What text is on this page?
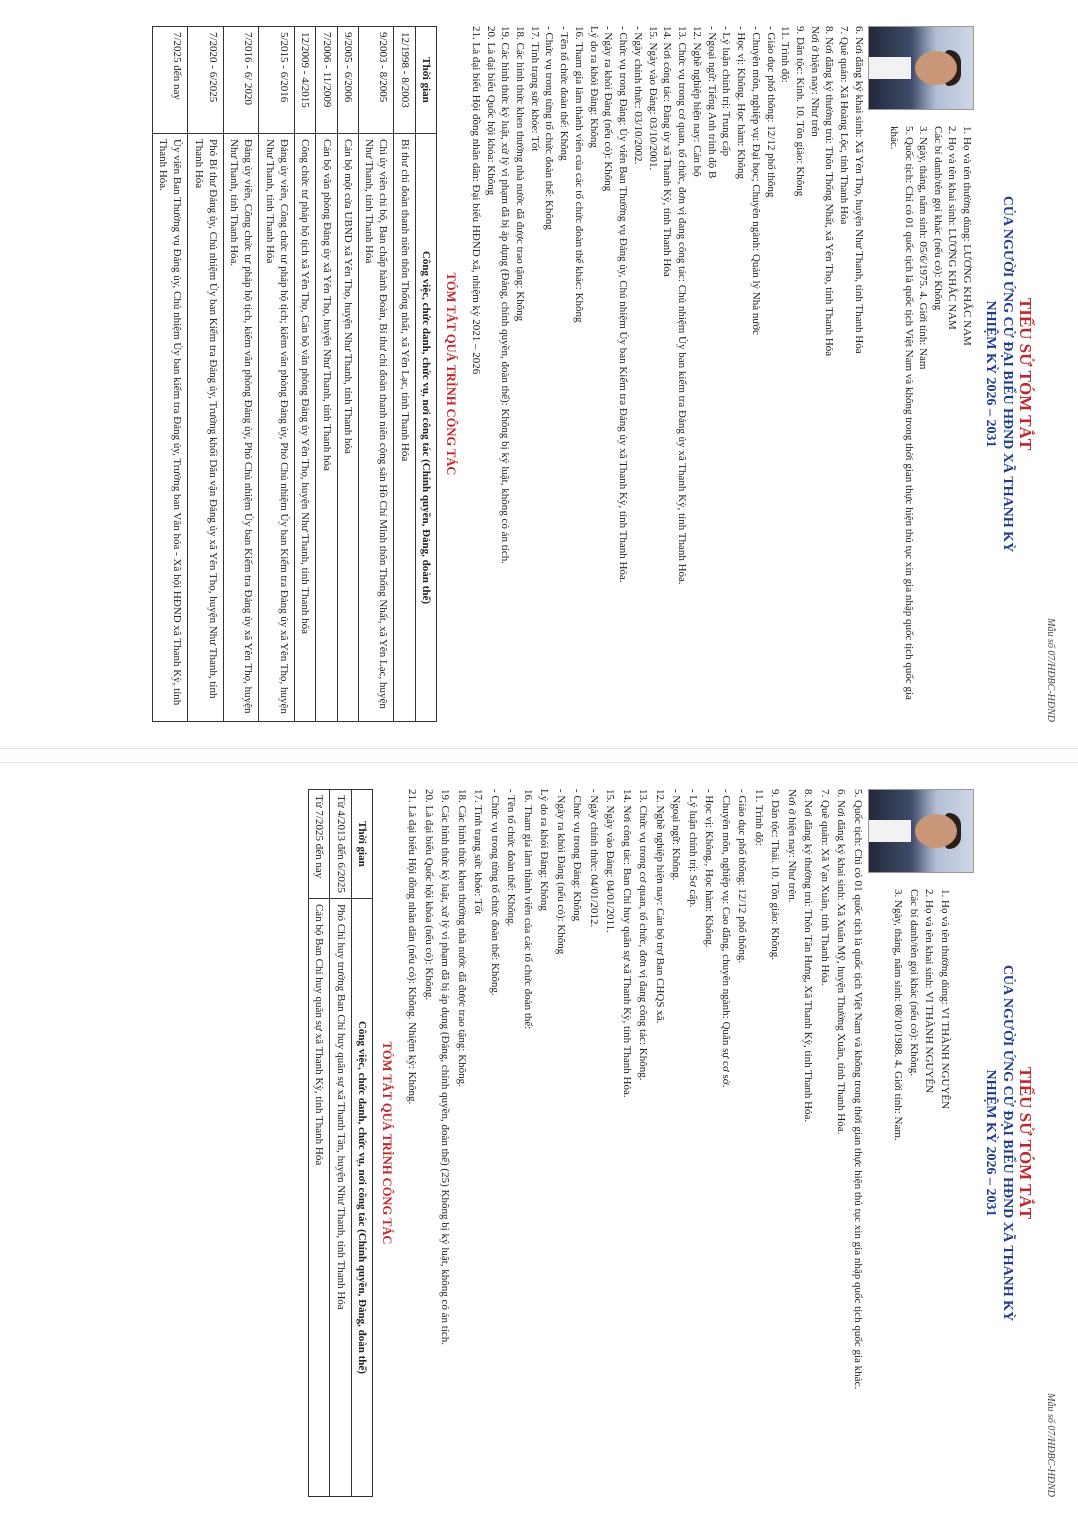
Mẫu số 07/HĐBC-HĐND
TIỂU SỬ TÓM TẮT
CỦA NGƯỜI ỨNG CỬ ĐẠI BIỂU HĐND XÃ THANH KỲ
NHIỆM KỲ 2026 – 2031
1. Họ và tên thường dùng: LƯƠNG KHẮC NAM
2. Họ và tên khai sinh: LƯƠNG KHẮC NAM
Các bí danh/tên gọi khác (nếu có): Không
3. Ngày, tháng, năm sinh: 05/6/1975. 4. Giới tính: Nam
5. Quốc tịch: Chỉ có 01 quốc tịch là quốc tịch Việt Nam và không trong thời gian thực hiện thủ tục xin gia nhập quốc tịch quốc gia khác.
6. Nơi đăng ký khai sinh: Xã Yên Thọ, huyện Như Thanh, tỉnh Thanh Hóa
7. Quê quán: Xã Hoàng Lộc, tỉnh Thanh Hóa
8. Nơi đăng ký thường trú: Thôn Thống Nhất, xã Yên Thọ, tỉnh Thanh Hóa
Nơi ở hiện nay: Như trên
9. Dân tộc: Kinh. 10. Tôn giáo: Không
11. Trình độ:
- Giáo dục phổ thông: 12/12 phổ thông
- Chuyên môn, nghiệp vụ: Đại học; Chuyên ngành: Quản lý Nhà nước
- Học vị: Không. Học hàm: Không
- Lý luận chính trị: Trung cấp
- Ngoại ngữ: Tiếng Anh trình độ B
12. Nghề nghiệp hiện nay: Cán bộ
13. Chức vụ trong cơ quan, tổ chức, đơn vị đang công tác: Chủ nhiệm Ủy ban kiểm tra Đảng ủy xã Thanh Kỳ, tỉnh Thanh Hóa.
14. Nơi công tác: Đảng ủy xã Thanh Kỳ, tỉnh Thanh Hóa
15. Ngày vào Đảng: 03/10/2001.
- Ngày chính thức: 03/10/2002.
- Chức vụ trong Đảng: Ủy viên Ban Thường vụ Đảng ủy, Chủ nhiệm Ủy ban Kiểm tra Đảng ủy xã Thanh Kỳ, tỉnh Thanh Hóa.
- Ngày ra khỏi Đảng (nếu có): Không
Lý do ra khỏi Đảng: Không
16. Tham gia làm thành viên của các tổ chức đoàn thể khác: Không
- Tên tổ chức đoàn thể: Không
- Chức vụ trong từng tổ chức đoàn thể: Không
17. Tình trạng sức khỏe: Tốt
18. Các hình thức khen thưởng nhà nước đã được trao tặng: Không
19. Các hình thức kỷ luật, xử lý vi phạm đã bị áp dụng (Đảng, chính quyền, đoàn thể): Không bị kỷ luật, không có án tích.
20. Là đại biểu Quốc hội khóa: Không
21. Là đại biểu Hội đồng nhân dân: Đại biểu HĐND xã, nhiệm kỳ 2021 – 2026
TÓM TẮT QUÁ TRÌNH CÔNG TÁC
Thời gian	Công việc, chức danh, chức vụ, nơi công tác (Chính quyền, Đảng, đoàn thể)
12/1998 - 8/2003	Bí thư chi đoàn thanh niên thôn Thống nhất, xã Yên Lạc, tỉnh Thanh Hóa
9/2003 - 8/2005	Chi ủy viên chi bộ, Ban chấp hành Đoàn, Bí thư chi đoàn thanh niên cộng sản Hồ Chí Minh thôn Thống Nhất, xã Yên Lạc, huyện Như Thanh, tỉnh Thanh Hóa
9/2005 - 6/2006	Cán bộ một cửa UBND xã Yên Thọ, huyện Như Thanh, tỉnh Thanh hóa
7/2006 - 11/2009	Cán bộ văn phòng Đảng ủy xã Yên Thọ, huyện Như Thanh, tỉnh Thanh hóa
12/2009 - 4/2015	Công chức tư pháp hộ tịch xã Yên Thọ, Cán bộ văn phòng Đảng ủy Yên Thọ, huyện Như Thanh, tỉnh Thanh hóa
5/2015 - 6/2016	Đảng ủy viên, Công chức tư pháp hộ tịch; kiêm văn phòng Đảng ủy, Phó Chủ nhiệm Ủy ban Kiểm tra Đảng ủy xã Yên Thọ, huyện Như Thanh, tỉnh Thanh Hóa
7/2016 - 6/ 2020	Đảng ủy viên, Công chức tư pháp hộ tịch, kiêm văn phòng Đảng ủy, Phó Chủ nhiệm Ủy ban Kiểm tra Đảng ủy xã Yên Thọ, huyện Như Thanh, tỉnh Thanh Hóa.
7/2020 - 6/2025	Phó Bí thư Đảng ủy, Chủ nhiệm Ủy ban Kiểm tra Đảng ủy, Trưởng khối Dân vận Đảng ủy xã Yên Thọ, huyện Như Thanh, tỉnh Thanh Hóa
7/2025 đến nay	Ủy viên Ban Thường vụ Đảng ủy, Chủ nhiệm Ủy ban kiểm tra Đảng ủy, Trưởng ban Văn hóa - Xã hội HĐND xã Thanh Kỳ, tỉnh Thanh Hóa.
Mẫu số 07/HĐBC-HĐND
TIỂU SỬ TÓM TẮT
CỦA NGƯỜI ỨNG CỬ ĐẠI BIỂU HĐND XÃ THANH KỲ
NHIỆM KỲ 2026 – 2031
1. Họ và tên thường dùng: VI THÀNH NGUYÊN
2. Họ và tên khai sinh: VI THÀNH NGUYÊN
Các bí danh/tên gọi khác (nếu có): Không.
3. Ngày, tháng, năm sinh: 08/10/1988. 4. Giới tính: Nam.
5. Quốc tịch: Chỉ có 01 quốc tịch là quốc tịch Việt Nam và không trong thời gian thực hiện thủ tục xin gia nhập quốc tịch quốc gia khác.
6. Nơi đăng ký khai sinh: Xã Xuân Mỹ, huyện Thường Xuân, tỉnh Thanh Hóa.
7. Quê quán: Xã Vạn Xuân, tỉnh Thanh Hóa.
8. Nơi đăng ký thường trú: Thôn Tân Hưng, Xã Thanh Kỳ, tỉnh Thanh Hóa.
Nơi ở hiện nay: Như trên.
9. Dân tộc: Thái. 10. Tôn giáo: Không.
11. Trình độ:
- Giáo dục phổ thông: 12/12 phổ thông.
- Chuyên môn, nghiệp vụ: Cao đẳng, chuyên ngành: Quân sự cơ sở.
- Học vị: Không., Học hàm: Không.
- Lý luận chính trị: Sơ cấp.
- Ngoại ngữ: Không.
12. Nghề nghiệp hiện nay: Cán bộ trợ Ban CHQS xã.
13. Chức vụ trong cơ quan, tổ chức, đơn vị đang công tác: Không.
14. Nơi công tác: Ban Chỉ huy quân sự xã Thanh Kỳ, tỉnh Thanh Hóa.
15. Ngày vào Đảng: 04/01/2011.
- Ngày chính thức: 04/01/2012.
- Chức vụ trong Đảng: Không
- Ngày ra khỏi Đảng (nếu có): Không
Lý do ra khỏi Đảng: Không
16. Tham gia làm thành viên của các tổ chức đoàn thể:
- Tên tổ chức đoàn thể: Không.
- Chức vụ trong từng tổ chức đoàn thể: Không.
17. Tình trạng sức khỏe: Tốt
18. Các hình thức khen thưởng nhà nước đã được trao tặng: Không.
19. Các hình thức kỷ luật, xử lý vi phạm đã bị áp dụng (Đảng, chính quyền, đoàn thể) (25) Không bị kỷ luật, không có án tích.
20. Là đại biểu Quốc hội khóa (nếu có): Không.
21. Là đại biểu Hội đồng nhân dân (nếu có): Không. Nhiệm kỳ: Không.
TÓM TẮT QUÁ TRÌNH CÔNG TÁC
Thời gian	Công việc, chức danh, chức vụ, nơi công tác (Chính quyền, Đảng, đoàn thể)
Từ 4/2013 đến 6/2025	Phó Chỉ huy trưởng Ban Chỉ huy quân sự xã Thanh Tân, huyện Như Thanh, tỉnh Thanh Hóa
Từ 7/2025 đến nay	Cán bộ Ban Chỉ huy quân sự xã Thanh Kỳ, tỉnh Thanh Hóa
